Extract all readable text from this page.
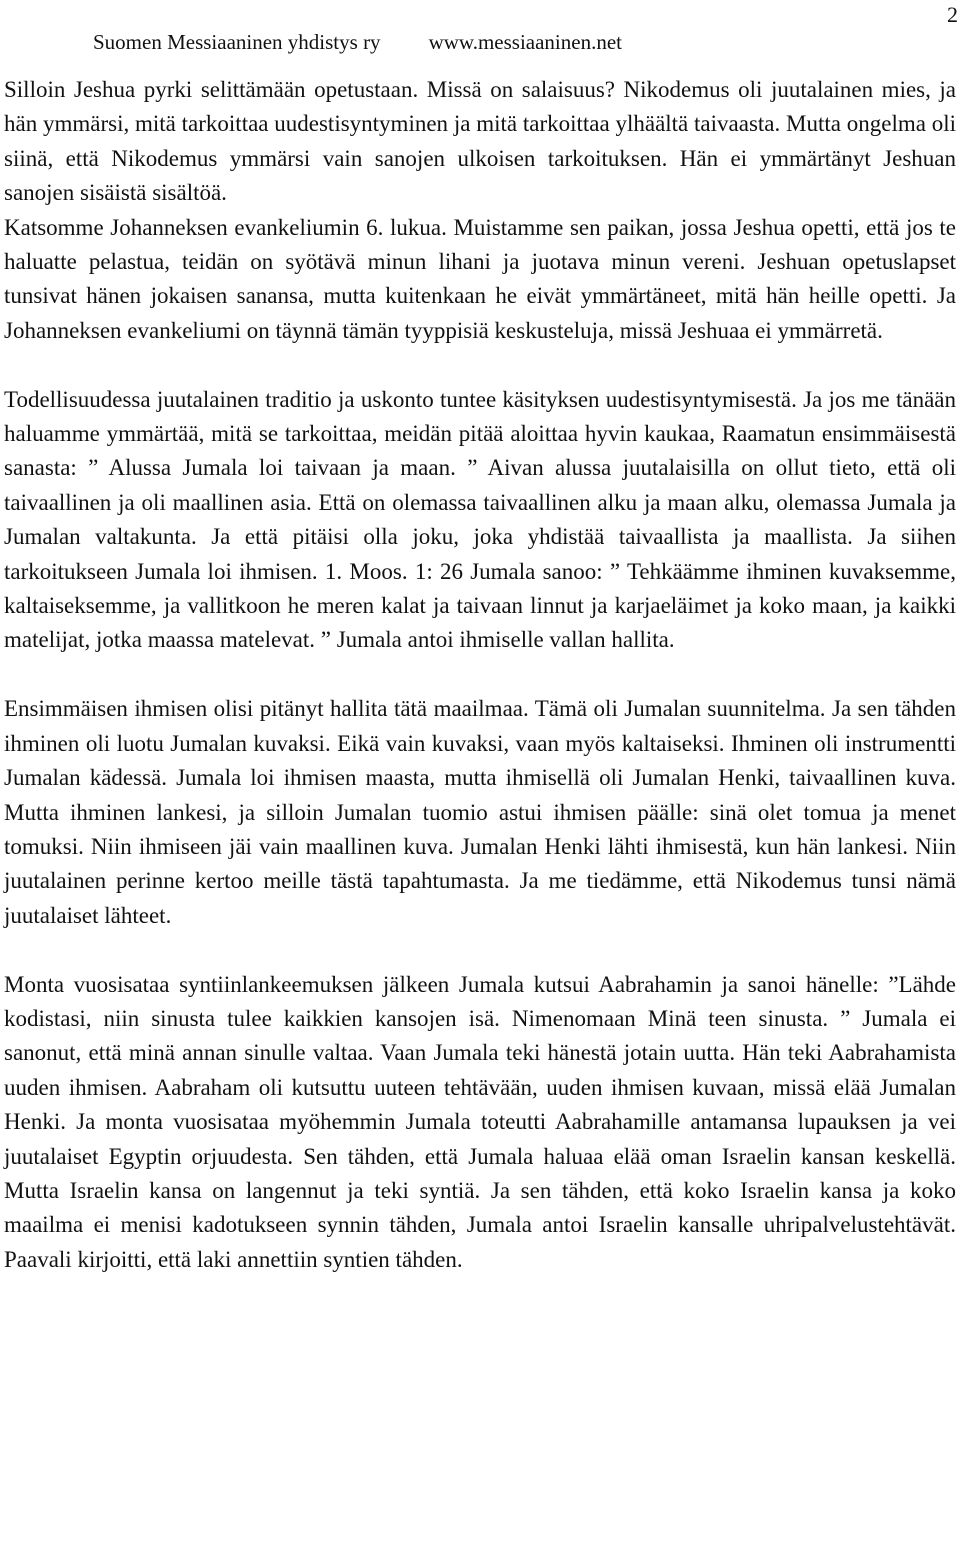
2
Suomen Messiaaninen yhdistys ry www.messiaaninen.net

Silloin Jeshua pyrki selittämään opetustaan. Missä on salaisuus? Nikodemus oli juutalainen mies, ja hän ymmärsi, mitä tarkoittaa uudestisyntyminen ja mitä tarkoittaa ylhäältä taivaasta. Mutta ongelma oli siinä, että Nikodemus ymmärsi vain sanojen ulkoisen tarkoituksen. Hän ei ymmärtänyt Jeshuan sanojen sisäistä sisältöä.

Katsomme Johanneksen evankeliumin 6. lukua. Muistamme sen paikan, jossa Jeshua opetti, että jos te haluatte pelastua, teidän on syötävä minun lihani ja juotava minun vereni. Jeshuan opetuslapset tunsivat hänen jokaisen sanansa, mutta kuitenkaan he eivät ymmärtäneet, mitä hän heille opetti. Ja Johanneksen evankeliumi on täynnä tämän tyyppisiä keskusteluja, missä Jeshuaa ei ymmärretä.

Todellisuudessa juutalainen traditio ja uskonto tuntee käsityksen uudestisyntymisestä. Ja jos me tänään haluamme ymmärtää, mitä se tarkoittaa, meidän pitää aloittaa hyvin kaukaa, Raamatun ensimmäisestä sanasta: ” Alussa Jumala loi taivaan ja maan. ” Aivan alussa juutalaisilla on ollut tieto, että oli taivaallinen ja oli maallinen asia. Että on olemassa taivaallinen alku ja maan alku, olemassa Jumala ja Jumalan valtakunta. Ja että pitäisi olla joku, joka yhdistää taivaallista ja maallista. Ja siihen tarkoitukseen Jumala loi ihmisen. 1. Moos. 1: 26 Jumala sanoo: ” Tehkäämme ihminen kuvaksemme, kaltaiseksemme, ja vallitkoon he meren kalat ja taivaan linnut ja karjaeläimet ja koko maan, ja kaikki matelijat, jotka maassa matelevat. ” Jumala antoi ihmiselle vallan hallita.

Ensimmäisen ihmisen olisi pitänyt hallita tätä maailmaa. Tämä oli Jumalan suunnitelma. Ja sen tähden ihminen oli luotu Jumalan kuvaksi. Eikä vain kuvaksi, vaan myös kaltaiseksi. Ihminen oli instrumentti Jumalan kädessä. Jumala loi ihmisen maasta, mutta ihmisellä oli Jumalan Henki, taivaallinen kuva. Mutta ihminen lankesi, ja silloin Jumalan tuomio astui ihmisen päälle: sinä olet tomua ja menet tomuksi. Niin ihmiseen jäi vain maallinen kuva. Jumalan Henki lähti ihmisestä, kun hän lankesi. Niin juutalainen perinne kertoo meille tästä tapahtumasta. Ja me tiedämme, että Nikodemus tunsi nämä juutalaiset lähteet.

Monta vuosisataa syntiinlankeemuksen jälkeen Jumala kutsui Aabrahamin ja sanoi hänelle: ”Lähde kodistasi, niin sinusta tulee kaikkien kansojen isä. Nimenomaan Minä teen sinusta. ” Jumala ei sanonut, että minä annan sinulle valtaa. Vaan Jumala teki hänestä jotain uutta. Hän teki Aabrahamista uuden ihmisen. Aabraham oli kutsuttu uuteen tehtävään, uuden ihmisen kuvaan, missä elää Jumalan Henki. Ja monta vuosisataa myöhemmin Jumala toteutti Aabrahamille antamansa lupauksen ja vei juutalaiset Egyptin orjuudesta. Sen tähden, että Jumala haluaa elää oman Israelin kansan keskellä. Mutta Israelin kansa on langennut ja teki syntiä. Ja sen tähden, että koko Israelin kansa ja koko maailma ei menisi kadotukseen synnin tähden, Jumala antoi Israelin kansalle uhripalvelustehtävät. Paavali kirjoitti, että laki annettiin syntien tähden.
